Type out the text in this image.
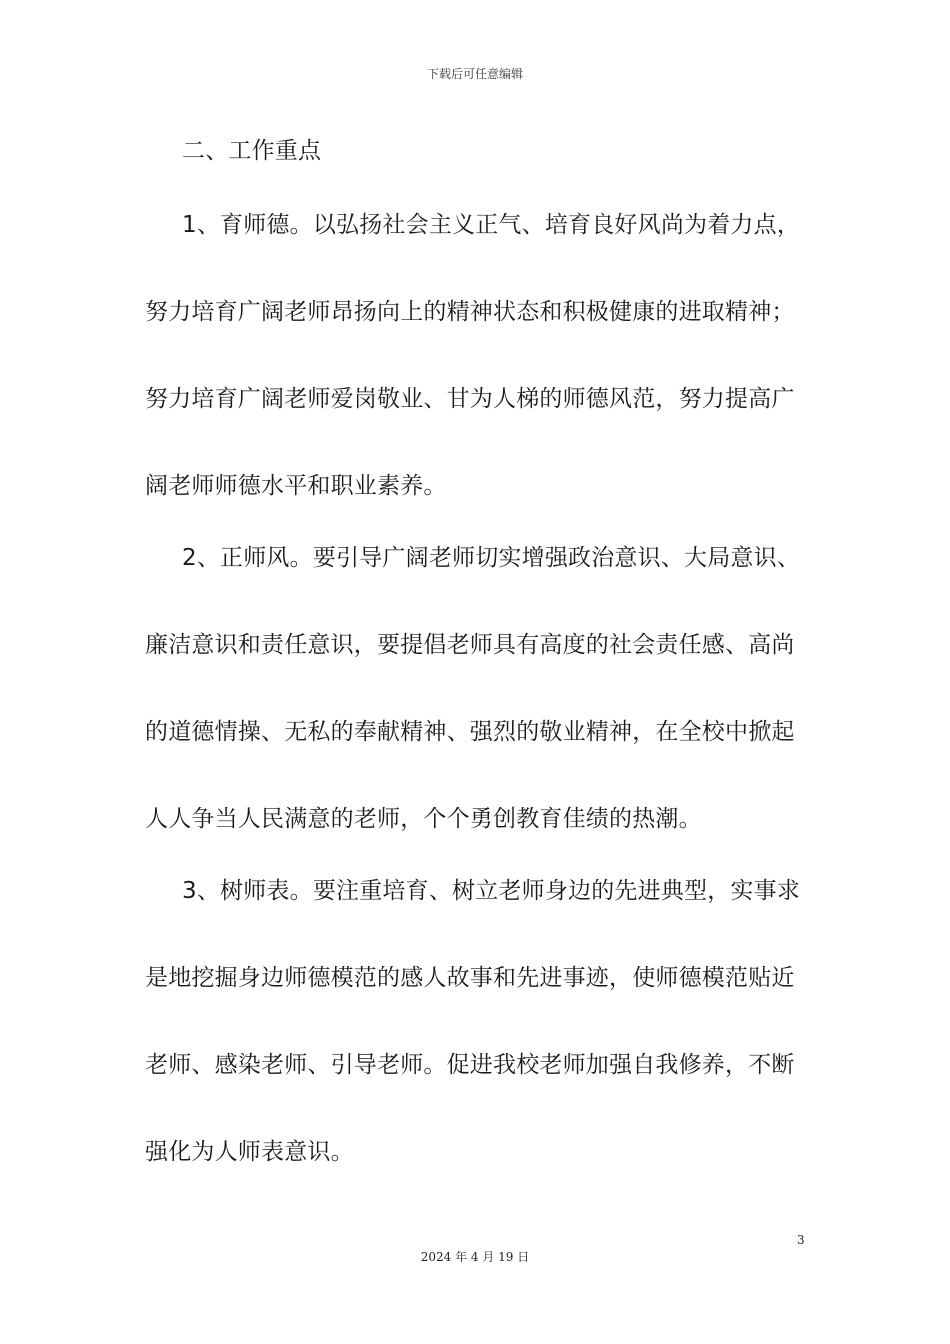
下载后可任意编辑
二、工作重点
1、育师德。以弘扬社会主义正气、培育良好风尚为着力点，
努力培育广阔老师昂扬向上的精神状态和积极健康的进取精神；
努力培育广阔老师爱岗敬业、甘为人梯的师德风范，努力提高广
阔老师师德水平和职业素养。
2、正师风。要引导广阔老师切实增强政治意识、大局意识、
廉洁意识和责任意识，要提倡老师具有高度的社会责任感、高尚
的道德情操、无私的奉献精神、强烈的敬业精神，在全校中掀起
人人争当人民满意的老师，个个勇创教育佳绩的热潮。
3、树师表。要注重培育、树立老师身边的先进典型，实事求
是地挖掘身边师德模范的感人故事和先进事迹，使师德模范贴近
老师、感染老师、引导老师。促进我校老师加强自我修养，不断
强化为人师表意识。
3
2024 年 4 月 19 日
